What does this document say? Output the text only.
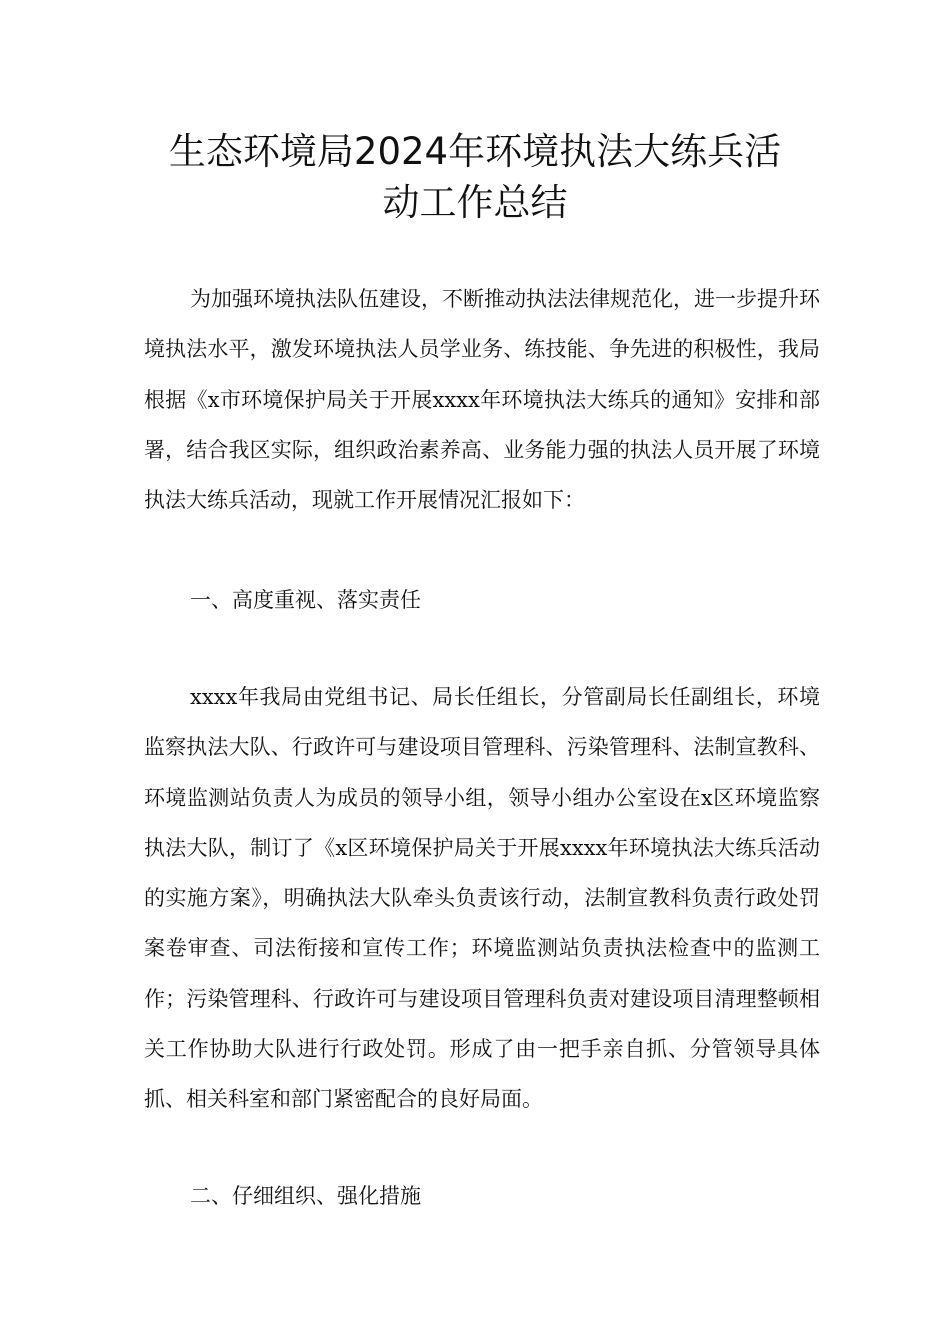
生态环境局2024年环境执法大练兵活
动工作总结

为加强环境执法队伍建设，不断推动执法法律规范化，进一步提升环境执法水平，激发环境执法人员学业务、练技能、争先进的积极性，我局根据《x市环境保护局关于开展xxxx年环境执法大练兵的通知》安排和部署，结合我区实际，组织政治素养高、业务能力强的执法人员开展了环境执法大练兵活动，现就工作开展情况汇报如下：

一、高度重视、落实责任

xxxx年我局由党组书记、局长任组长，分管副局长任副组长，环境监察执法大队、行政许可与建设项目管理科、污染管理科、法制宣教科、环境监测站负责人为成员的领导小组，领导小组办公室设在x区环境监察执法大队，制订了《x区环境保护局关于开展xxxx年环境执法大练兵活动的实施方案》，明确执法大队牵头负责该行动，法制宣教科负责行政处罚案卷审查、司法衔接和宣传工作；环境监测站负责执法检查中的监测工作；污染管理科、行政许可与建设项目管理科负责对建设项目清理整顿相关工作协助大队进行行政处罚。形成了由一把手亲自抓、分管领导具体抓、相关科室和部门紧密配合的良好局面。

二、仔细组织、强化措施
